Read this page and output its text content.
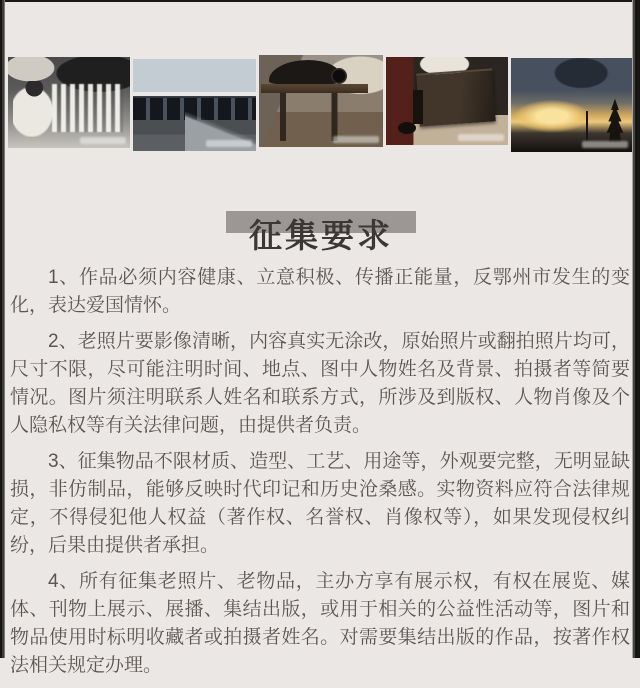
征集要求

1、作品必须内容健康、立意积极、传播正能量，反鄂州市发生的变化，表达爱国情怀。

2、老照片要影像清晰，内容真实无涂改，原始照片或翻拍照片均可，尺寸不限，尽可能注明时间、地点、图中人物姓名及背景、拍摄者等简要情况。图片须注明联系人姓名和联系方式，所涉及到版权、人物肖像及个人隐私权等有关法律问题，由提供者负责。

3、征集物品不限材质、造型、工艺、用途等，外观要完整，无明显缺损，非仿制品，能够反映时代印记和历史沧桑感。实物资料应符合法律规定，不得侵犯他人权益（著作权、名誉权、肖像权等），如果发现侵权纠纷，后果由提供者承担。

4、所有征集老照片、老物品，主办方享有展示权，有权在展览、媒体、刊物上展示、展播、集结出版，或用于相关的公益性活动等，图片和物品使用时标明收藏者或拍摄者姓名。对需要集结出版的作品，按著作权法相关规定办理。
